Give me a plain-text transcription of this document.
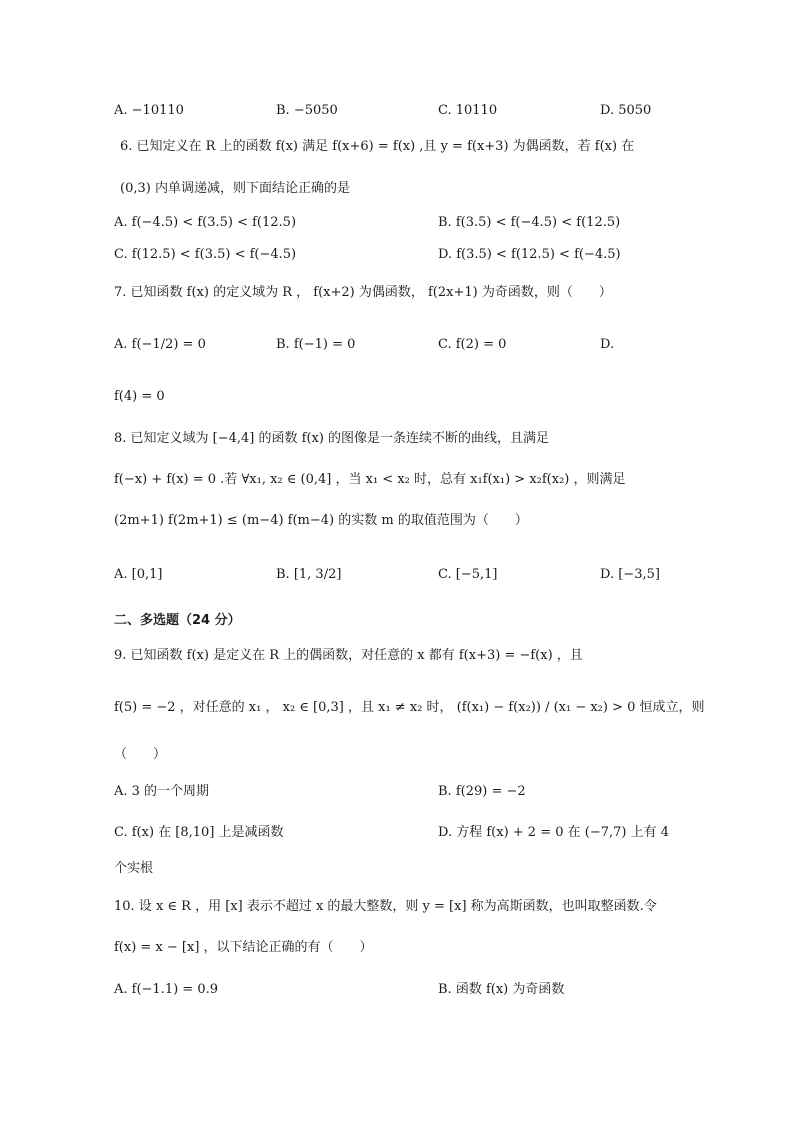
A. −10110	B. −5050	C. 10110	D. 5050
6. 已知定义在 R 上的函数 f(x) 满足 f(x+6) = f(x) ,且 y = f(x+3) 为偶函数，若 f(x) 在
(0,3) 内单调递减，则下面结论正确的是
A. f(−4.5) < f(3.5) < f(12.5)	B. f(3.5) < f(−4.5) < f(12.5)
C. f(12.5) < f(3.5) < f(−4.5)	D. f(3.5) < f(12.5) < f(−4.5)
7. 已知函数 f(x) 的定义域为 R ， f(x+2) 为偶函数， f(2x+1) 为奇函数，则（　　）
A. f(−1/2) = 0	B. f(−1) = 0	C. f(2) = 0	D.
f(4) = 0
8. 已知定义域为 [−4,4] 的函数 f(x) 的图像是一条连续不断的曲线，且满足
f(−x) + f(x) = 0 .若 ∀x₁, x₂ ∈ (0,4] ，当 x₁ < x₂ 时，总有 x₁f(x₁) > x₂f(x₂) ，则满足
(2m+1) f(2m+1) ≤ (m−4) f(m−4) 的实数 m 的取值范围为（　　）
A. [0,1]	B. [1, 3/2]	C. [−5,1]	D. [−3,5]
二、多选题（24 分）
9. 已知函数 f(x) 是定义在 R 上的偶函数，对任意的 x 都有 f(x+3) = −f(x) ，且
f(5) = −2 ，对任意的 x₁ ， x₂ ∈ [0,3] ，且 x₁ ≠ x₂ 时， (f(x₁) − f(x₂)) / (x₁ − x₂) > 0 恒成立，则
（　　）
A. 3 的一个周期	B. f(29) = −2
C. f(x) 在 [8,10] 上是减函数	D. 方程 f(x) + 2 = 0 在 (−7,7) 上有 4
个实根
10. 设 x ∈ R ，用 [x] 表示不超过 x 的最大整数，则 y = [x] 称为高斯函数，也叫取整函数.令
f(x) = x − [x] ，以下结论正确的有（　　）
A. f(−1.1) = 0.9	B. 函数 f(x) 为奇函数
